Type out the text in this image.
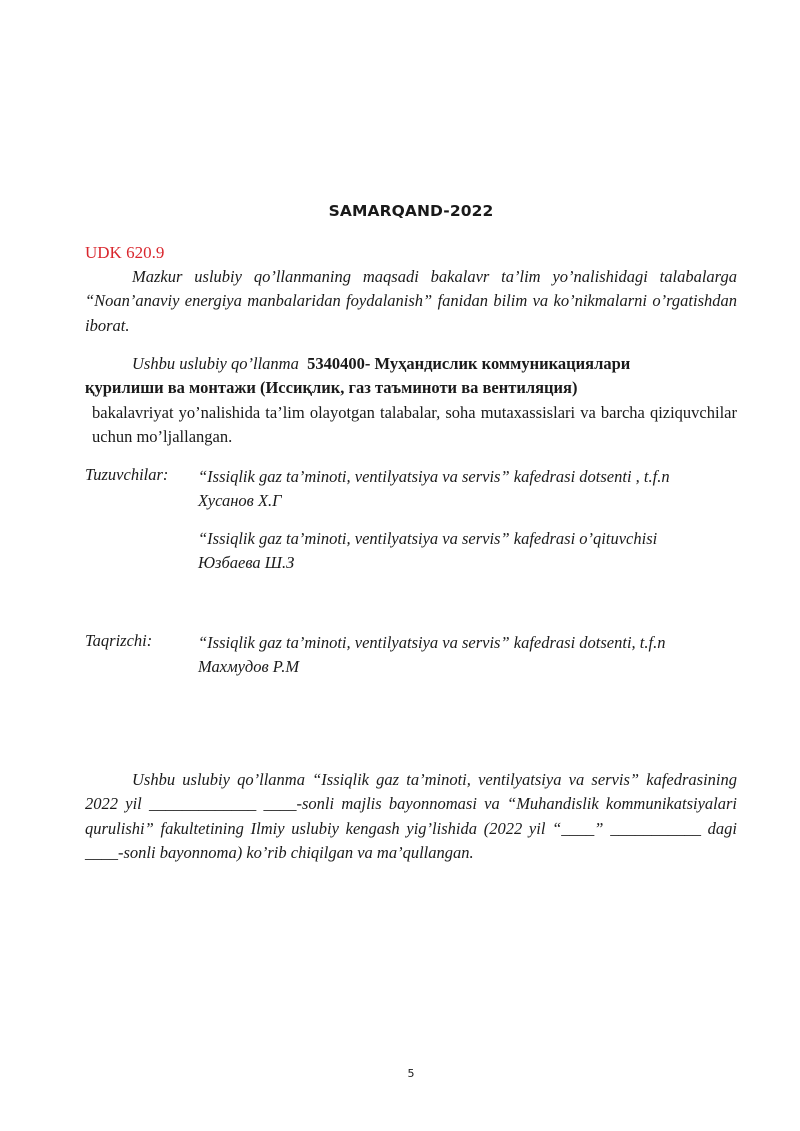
SAMARQAND-2022
UDK 620.9

Mazkur uslubiy qo’llanmaning maqsadi bakalavr ta’lim yo’nalishidagi talabalarga “Noan’anaviy energiya manbalaridan foydalanish” fanidan bilim va ko’nikmalarni o’rgatishdan iborat.

Ushbu uslubiy qo’llanma 5340400- Муҳандислик коммуникациялари
қурилиши ва монтажи (Иссиқлик, газ таъминоти ва вентиляция)
bakalavriyat yo’nalishida ta’lim olayotgan talabalar, soha mutaxassislari va barcha qiziquvchilar uchun mo’ljallangan.

Tuzuvchilar: “Issiqlik gaz ta’minoti, ventilyatsiya va servis” kafedrasi dotsenti , t.f.n
Хусанов Х.Г
“Issiqlik gaz ta’minoti, ventilyatsiya va servis” kafedrasi o’qituvchisi
Юзбаева Ш.З
Taqrizchi:	“Issiqlik gaz ta’minoti, ventilyatsiya va servis” kafedrasi dotsenti, t.f.n
Махмудов Р.М

Ushbu uslubiy qo’llanma “Issiqlik gaz ta’minoti, ventilyatsiya va servis” kafedrasining 2022 yil _____________ ____-sonli majlis bayonnomasi va “Muhandislik kommunikatsiyalari qurulishi” fakultetining Ilmiy uslubiy kengash yig’lishida (2022 yil “____” ___________ dagi ____-sonli bayonnoma) ko’rib chiqilgan va ma’qullangan.

5
